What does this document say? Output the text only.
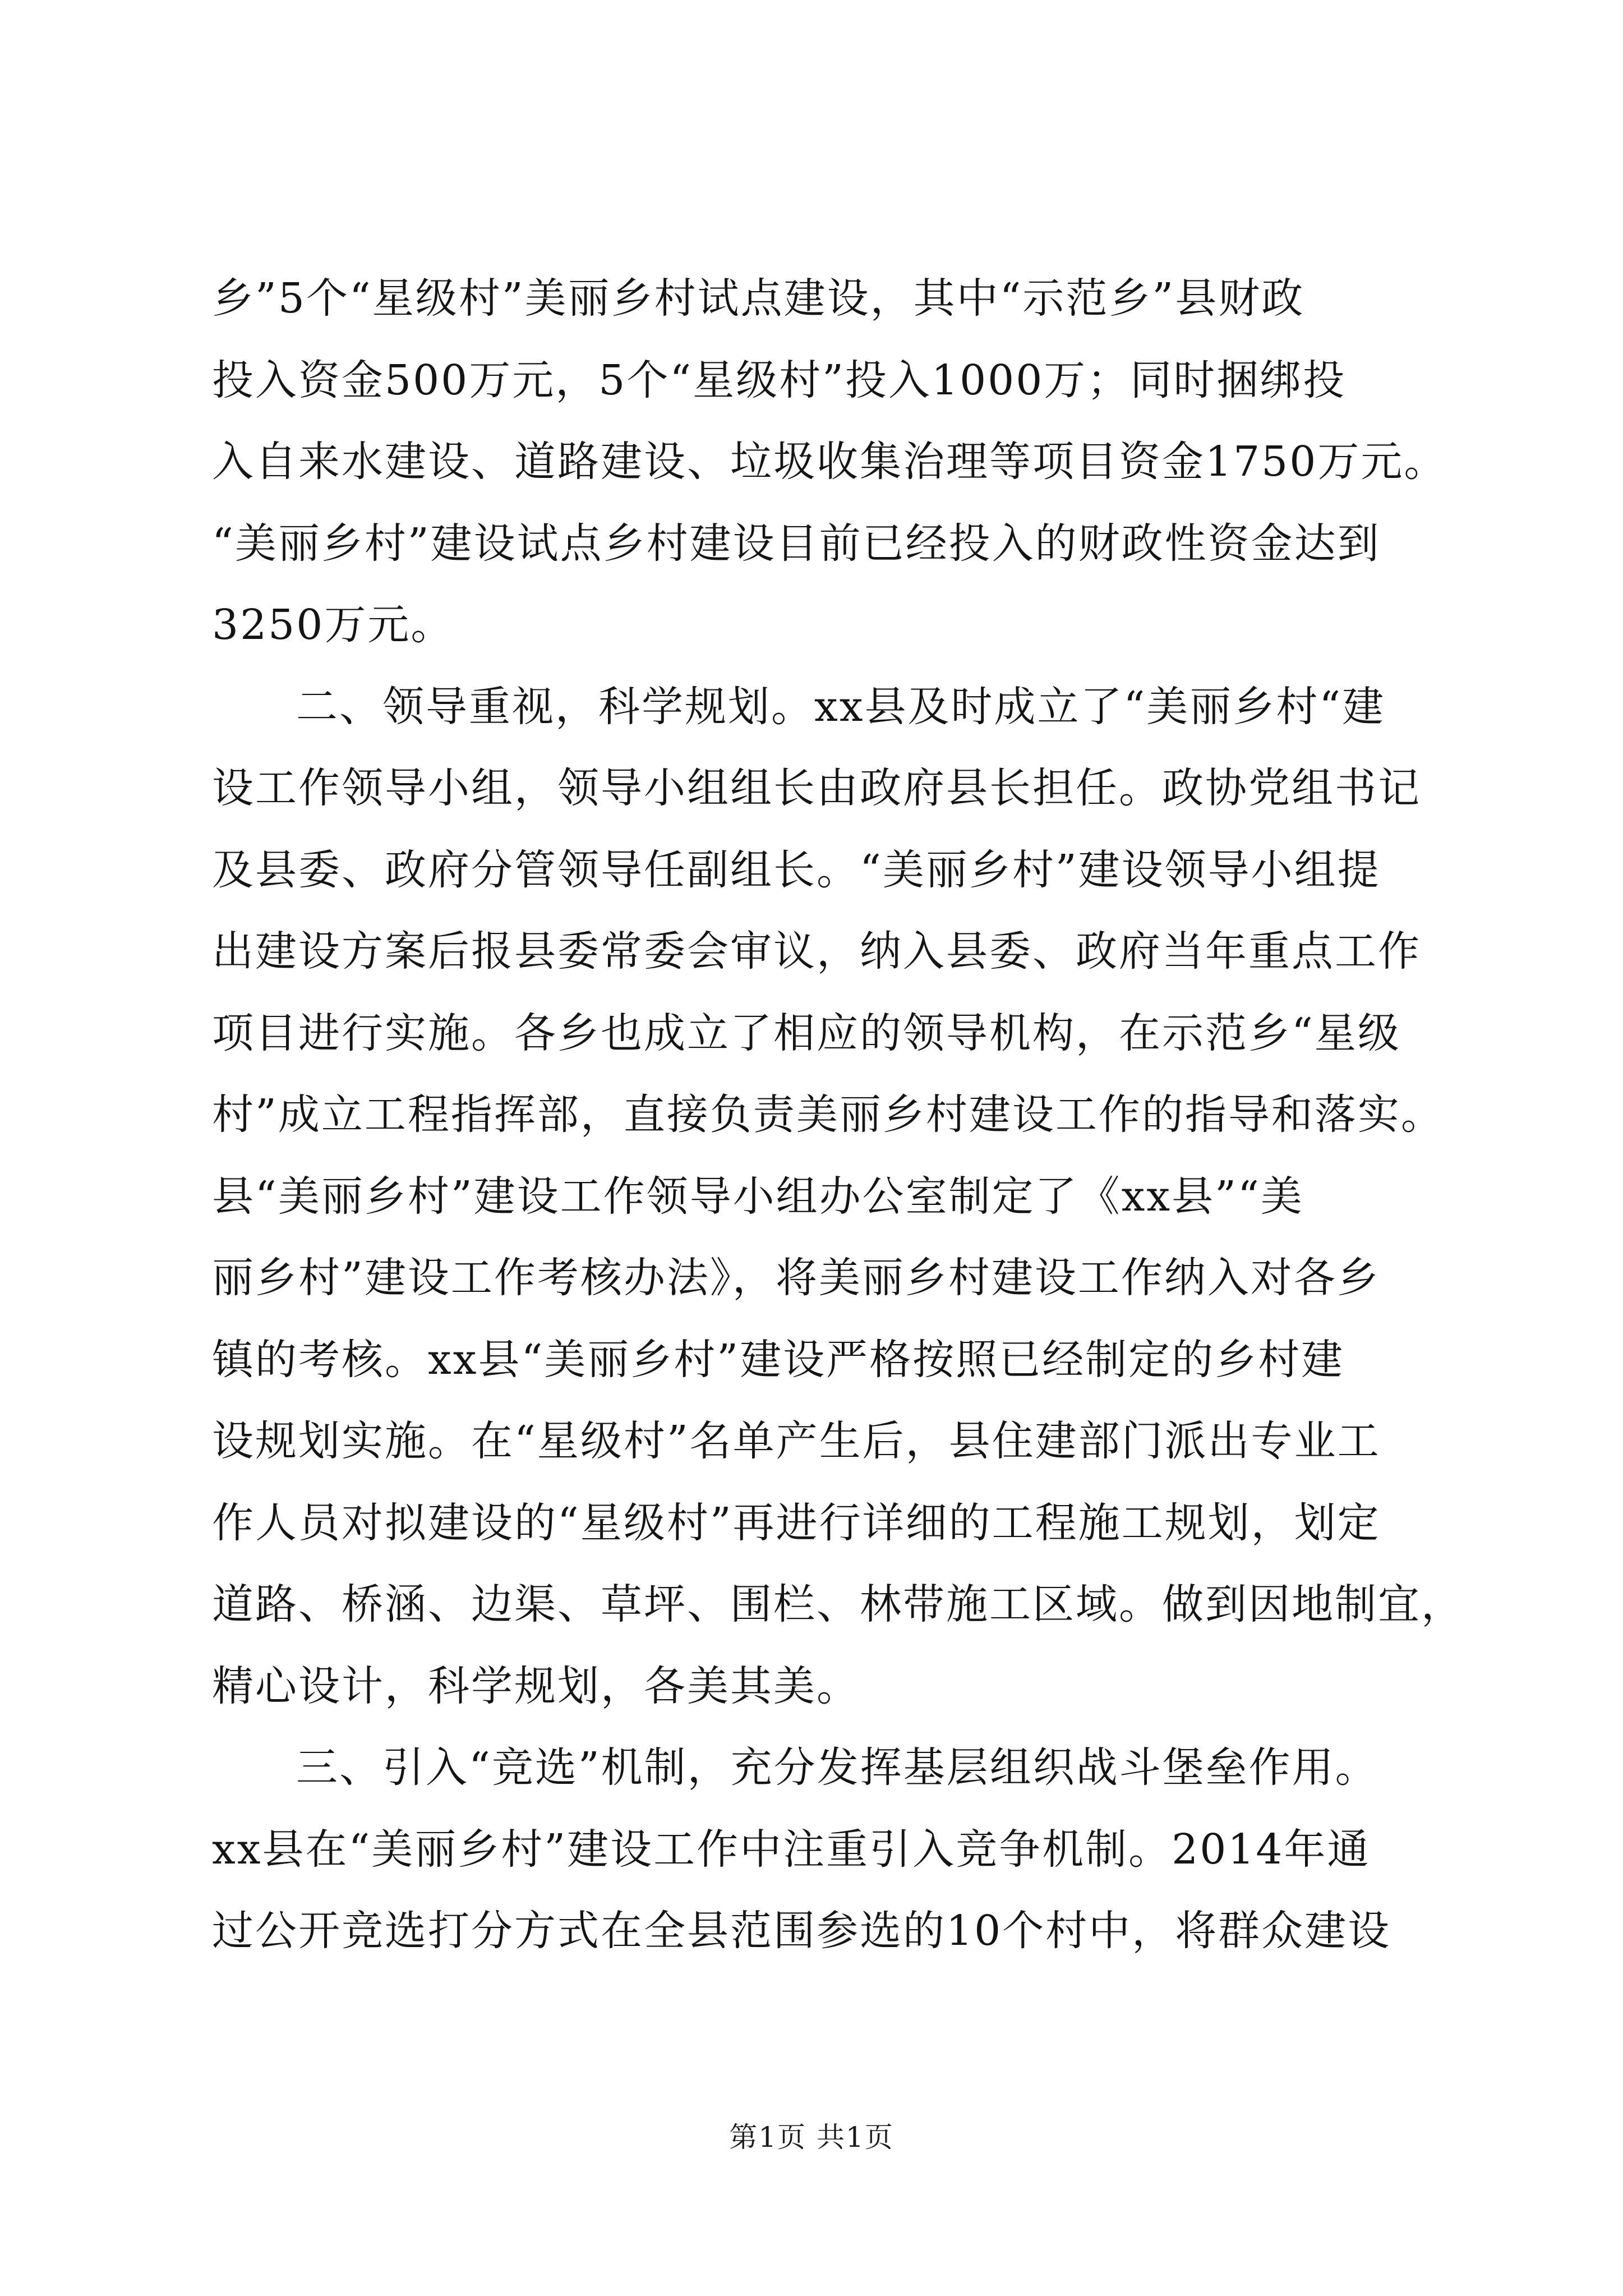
乡”5个“星级村”美丽乡村试点建设，其中“示范乡”县财政
投入资金500万元，5个“星级村”投入1000万；同时捆绑投
入自来水建设、道路建设、垃圾收集治理等项目资金1750万元。
“美丽乡村”建设试点乡村建设目前已经投入的财政性资金达到
3250万元。
二、领导重视，科学规划。xx县及时成立了“美丽乡村“建
设工作领导小组，领导小组组长由政府县长担任。政协党组书记
及县委、政府分管领导任副组长。“美丽乡村”建设领导小组提
出建设方案后报县委常委会审议，纳入县委、政府当年重点工作
项目进行实施。各乡也成立了相应的领导机构，在示范乡“星级
村”成立工程指挥部，直接负责美丽乡村建设工作的指导和落实。
县“美丽乡村”建设工作领导小组办公室制定了《xx县”“美
丽乡村”建设工作考核办法》，将美丽乡村建设工作纳入对各乡
镇的考核。xx县“美丽乡村”建设严格按照已经制定的乡村建
设规划实施。在“星级村”名单产生后，县住建部门派出专业工
作人员对拟建设的“星级村”再进行详细的工程施工规划，划定
道路、桥涵、边渠、草坪、围栏、林带施工区域。做到因地制宜，
精心设计，科学规划，各美其美。
三、引入“竞选”机制，充分发挥基层组织战斗堡垒作用。
xx县在“美丽乡村”建设工作中注重引入竞争机制。2014年通
过公开竞选打分方式在全县范围参选的10个村中，将群众建设
第1页 共1页
